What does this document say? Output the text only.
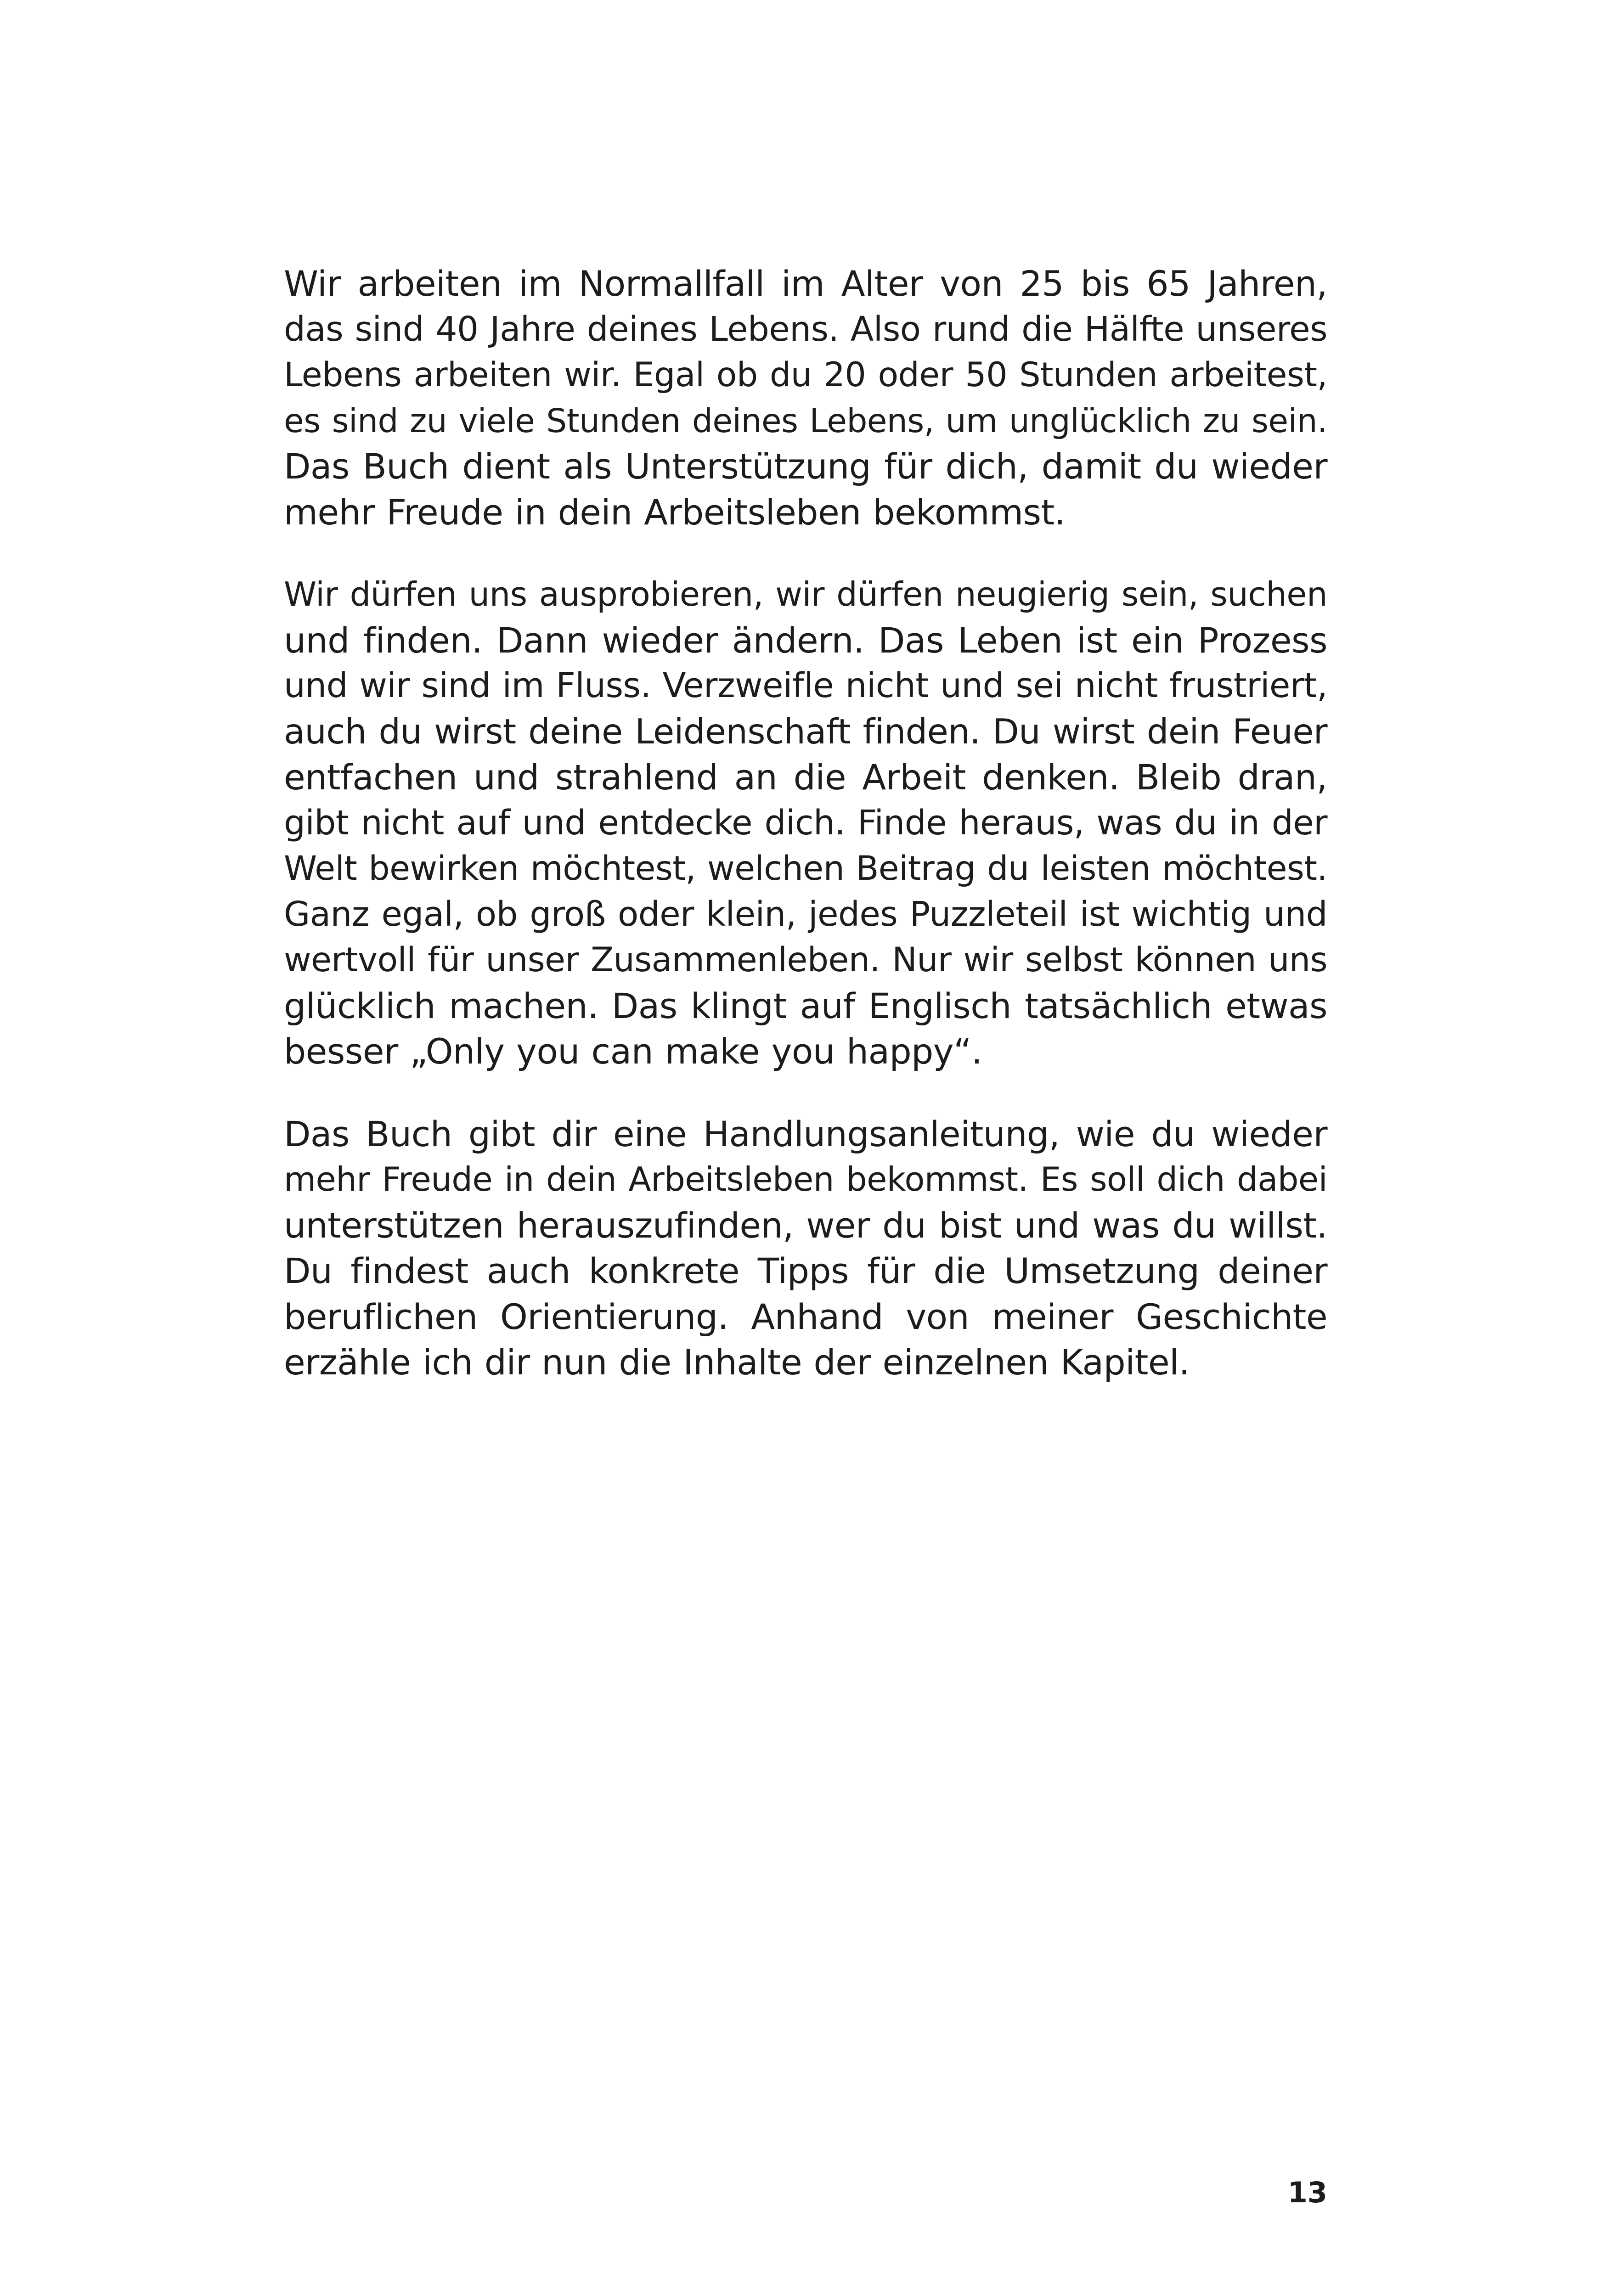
Wir arbeiten im Normallfall im Alter von 25 bis 65 Jahren,
das sind 40 Jahre deines Lebens. Also rund die Hälfte unseres
Lebens arbeiten wir. Egal ob du 20 oder 50 Stunden arbeitest,
es sind zu viele Stunden deines Lebens, um unglücklich zu sein.
Das Buch dient als Unterstützung für dich, damit du wieder
mehr Freude in dein Arbeitsleben bekommst.
Wir dürfen uns ausprobieren, wir dürfen neugierig sein, suchen
und finden. Dann wieder ändern. Das Leben ist ein Prozess
und wir sind im Fluss. Verzweifle nicht und sei nicht frustriert,
auch du wirst deine Leidenschaft finden. Du wirst dein Feuer
entfachen und strahlend an die Arbeit denken. Bleib dran,
gibt nicht auf und entdecke dich. Finde heraus, was du in der
Welt bewirken möchtest, welchen Beitrag du leisten möchtest.
Ganz egal, ob groß oder klein, jedes Puzzleteil ist wichtig und
wertvoll für unser Zusammenleben. Nur wir selbst können uns
glücklich machen. Das klingt auf Englisch tatsächlich etwas
besser „Only you can make you happy“.
Das Buch gibt dir eine Handlungsanleitung, wie du wieder
mehr Freude in dein Arbeitsleben bekommst. Es soll dich dabei
unterstützen herauszufinden, wer du bist und was du willst.
Du findest auch konkrete Tipps für die Umsetzung deiner
beruflichen Orientierung. Anhand von meiner Geschichte
erzähle ich dir nun die Inhalte der einzelnen Kapitel.
13
